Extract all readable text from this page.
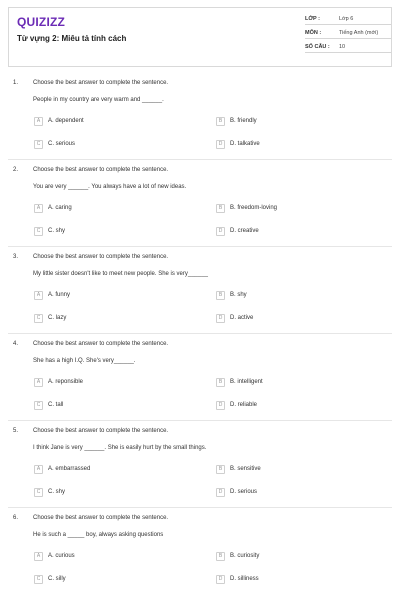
QUIZIZZ
Từ vựng 2: Miêu tả tính cách
LỚP :	Lớp 6
MÔN :	Tiếng Anh (mới)
SỐ CÂU :	10
1. Choose the best answer to complete the sentence.
People in my country are very warm and ______.
A	A. dependent	B	B. friendly
C	C. serious	D	D. talkative
2. Choose the best answer to complete the sentence.
You are very ______. You always have a lot of new ideas.
A	A. caring	B	B. freedom-loving
C	C. shy	D	D. creative
3. Choose the best answer to complete the sentence.
My little sister doesn't like to meet new people. She is very______
A	A. funny	B	B. shy
C	C. lazy	D	D. active
4. Choose the best answer to complete the sentence.
She has a high I.Q. She's very______.
A	A. reponsible	B	B. intelligent
C	C. tall	D	D. reliable
5. Choose the best answer to complete the sentence.
I think Jane is very ______. She is easily hurt by the small things.
A	A. embarrassed	B	B. sensitive
C	C. shy	D	D. serious
6. Choose the best answer to complete the sentence.
He is such a _____ boy, always asking questions
A	A. curious	B	B. curiosity
C	C. silly	D	D. silliness
